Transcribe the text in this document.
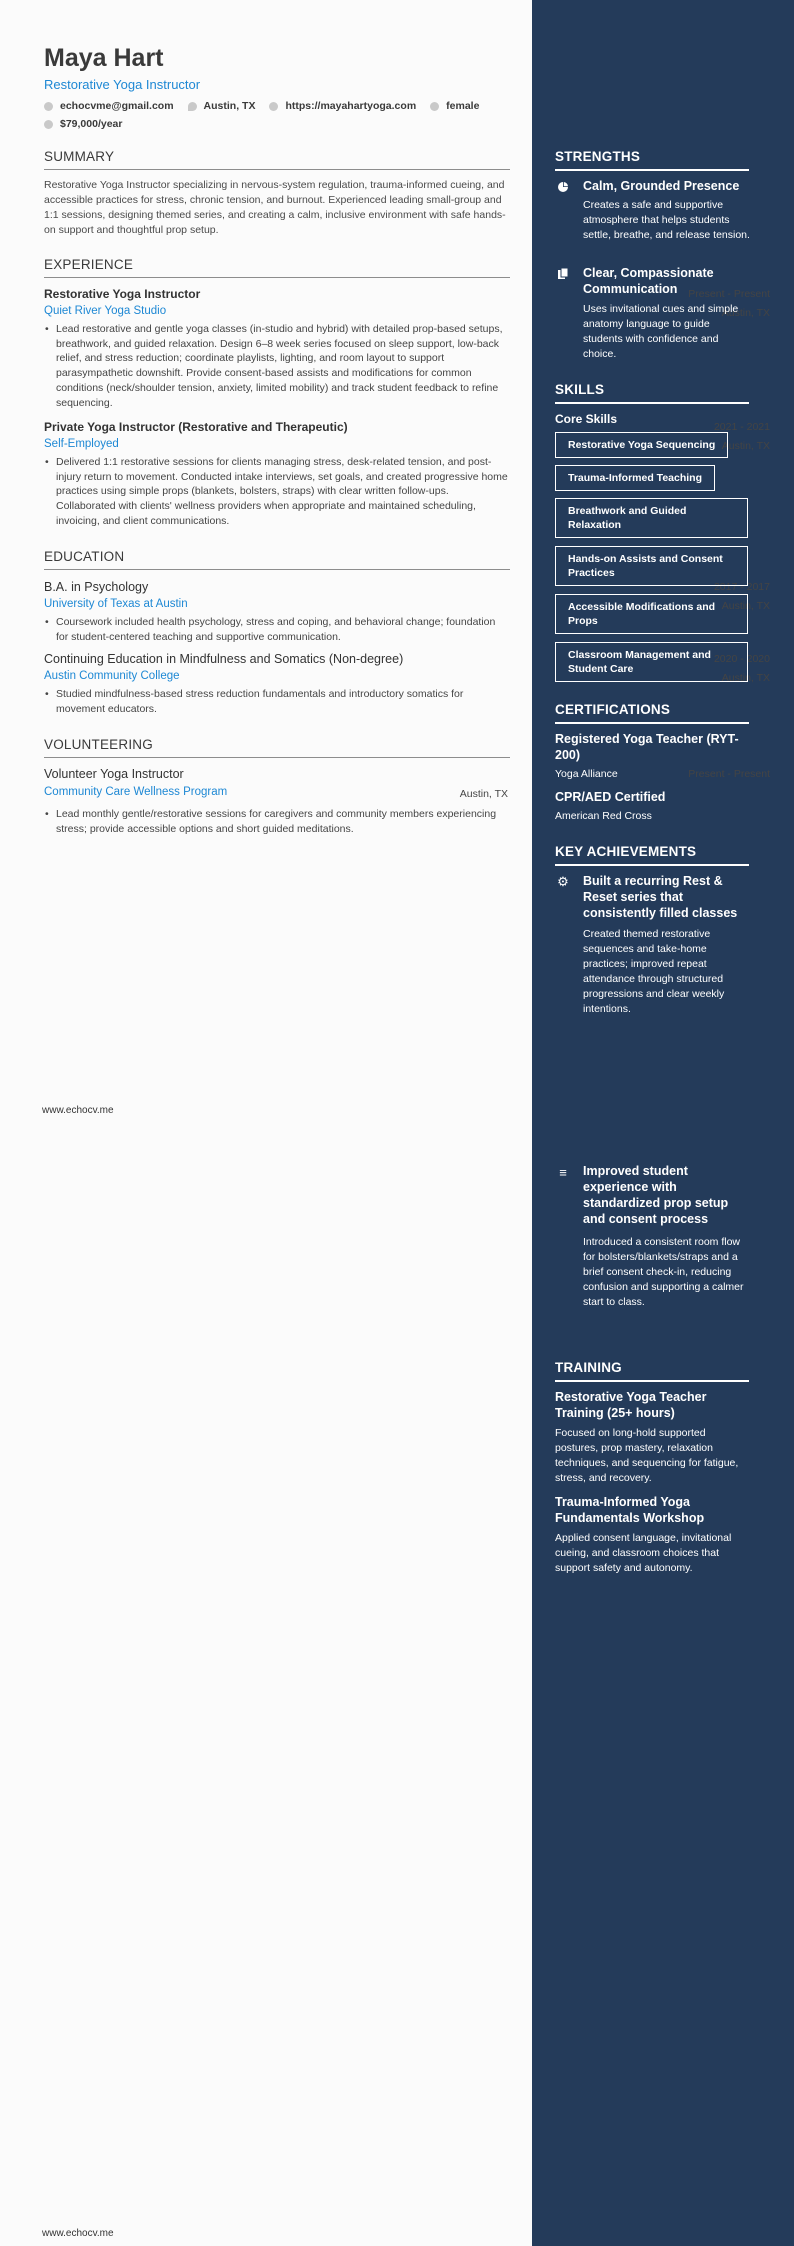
Maya Hart
Restorative Yoga Instructor
echocvme@gmail.com	Austin, TX	https://mayahartyoga.com	female
$79,000/year
SUMMARY
Restorative Yoga Instructor specializing in nervous-system regulation, trauma-informed cueing, and accessible practices for stress, chronic tension, and burnout. Experienced leading small-group and 1:1 sessions, designing themed series, and creating a calm, inclusive environment with safe hands-on support and thoughtful prop setup.
EXPERIENCE
Restorative Yoga Instructor	Present - Present
Quiet River Yoga Studio	Austin, TX
• Lead restorative and gentle yoga classes (in-studio and hybrid) with detailed prop-based setups, breathwork, and guided relaxation. Design 6–8 week series focused on sleep support, low-back relief, and stress reduction; coordinate playlists, lighting, and room layout to support parasympathetic downshift. Provide consent-based assists and modifications for common conditions (neck/shoulder tension, anxiety, limited mobility) and track student feedback to refine sequencing.
Private Yoga Instructor (Restorative and Therapeutic)	2021 - 2021
Self-Employed	Austin, TX
• Delivered 1:1 restorative sessions for clients managing stress, desk-related tension, and post-injury return to movement. Conducted intake interviews, set goals, and created progressive home practices using simple props (blankets, bolsters, straps) with clear written follow-ups. Collaborated with clients' wellness providers when appropriate and maintained scheduling, invoicing, and client communications.
EDUCATION
B.A. in Psychology	2017 - 2017
University of Texas at Austin	Austin, TX
• Coursework included health psychology, stress and coping, and behavioral change; foundation for student-centered teaching and supportive communication.
Continuing Education in Mindfulness and Somatics (Non-degree)	2020 - 2020
Austin Community College	Austin, TX
• Studied mindfulness-based stress reduction fundamentals and introductory somatics for movement educators.
VOLUNTEERING
Volunteer Yoga Instructor	Present - Present
Community Care Wellness Program	Austin, TX
• Lead monthly gentle/restorative sessions for caregivers and community members experiencing stress; provide accessible options and short guided meditations.
www.echocv.me
www.echocv.me
STRENGTHS
Calm, Grounded Presence
Creates a safe and supportive atmosphere that helps students settle, breathe, and release tension.
Clear, Compassionate Communication
Uses invitational cues and simple anatomy language to guide students with confidence and choice.
SKILLS
Core Skills
Restorative Yoga Sequencing
Trauma-Informed Teaching
Breathwork and Guided Relaxation
Hands-on Assists and Consent Practices
Accessible Modifications and Props
Classroom Management and Student Care
CERTIFICATIONS
Registered Yoga Teacher (RYT-200)
Yoga Alliance
CPR/AED Certified
American Red Cross
KEY ACHIEVEMENTS
⚙ Built a recurring Rest & Reset series that consistently filled classes
Created themed restorative sequences and take-home practices; improved repeat attendance through structured progressions and clear weekly intentions.
≡ Improved student experience with standardized prop setup and consent process
Introduced a consistent room flow for bolsters/blankets/straps and a brief consent check-in, reducing confusion and supporting a calmer start to class.
TRAINING
Restorative Yoga Teacher Training (25+ hours)
Focused on long-hold supported postures, prop mastery, relaxation techniques, and sequencing for fatigue, stress, and recovery.
Trauma-Informed Yoga Fundamentals Workshop
Applied consent language, invitational cueing, and classroom choices that support safety and autonomy.
